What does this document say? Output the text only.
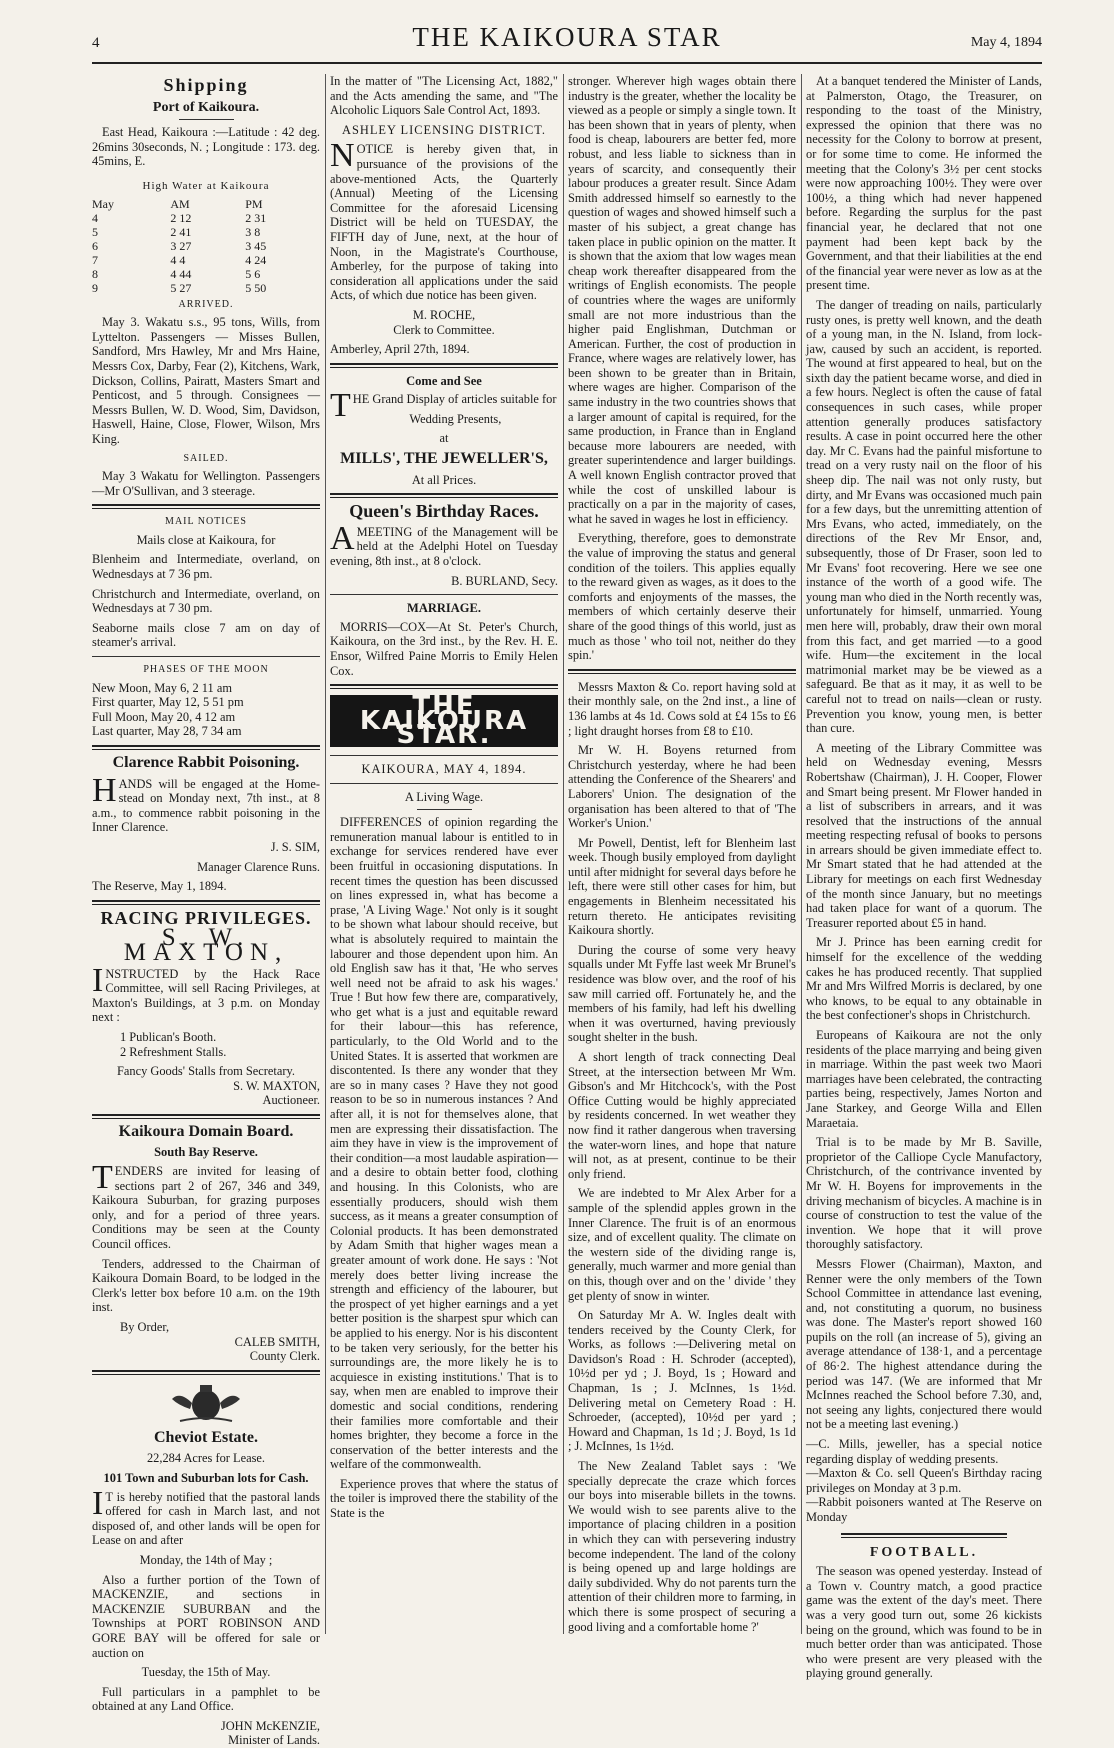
4	THE KAIKOURA STAR	May 4, 1894
Shipping

Port of Kaikoura.

East Head, Kaikoura :—Latitude : 42 deg. 26mins 30seconds, N. ; Longitude : 173. deg. 45mins, E.

High Water at Kaikoura

May	AM	PM
4	2 12	2 31
5	2 41	3 8
6	3 27	3 45
7	4 4	4 24
8	4 44	5 6
9	5 27	5 50

ARRIVED.

May 3. Wakatu s.s., 95 tons, Wills, from Lyttelton. Passengers — Misses Bullen, Sandford, Mrs Hawley, Mr and Mrs Haine, Messrs Cox, Darby, Fear (2), Kitchens, Wark, Dickson, Collins, Pairatt, Masters Smart and Penticost, and 5 through. Consignees — Messrs Bullen, W. D. Wood, Sim, Davidson, Haswell, Haine, Close, Flower, Wilson, Mrs King.

SAILED.

May 3 Wakatu for Wellington. Passengers—Mr O'Sullivan, and 3 steerage.

MAIL NOTICES

Mails close at Kaikoura, for

Blenheim and Intermediate, overland, on Wednesdays at 7 36 pm.

Christchurch and Intermediate, overland, on Wednesdays at 7 30 pm.

Seaborne mails close 7 am on day of steamer's arrival.

PHASES OF THE MOON

New Moon, May 6, 2 11 am

First quarter, May 12, 5 51 pm

Full Moon, May 20, 4 12 am

Last quarter, May 28, 7 34 am

Clarence Rabbit Poisoning.

HANDS will be engaged at the Home-stead on Monday next, 7th inst., at 8 a.m., to commence rabbit poisoning in the Inner Clarence.

J. S. SIM,

Manager Clarence Runs.

The Reserve, May 1, 1894.

RACING PRIVILEGES.

S. W. MAXTON,

INSTRUCTED by the Hack Race Committee, will sell Racing Privileges, at Maxton's Buildings, at 3 p.m. on Monday next :

1 Publican's Booth.

2 Refreshment Stalls.

Fancy Goods' Stalls from Secretary.

S. W. MAXTON,

Auctioneer.

Kaikoura Domain Board.

South Bay Reserve.

TENDERS are invited for leasing of sections part 2 of 267, 346 and 349, Kaikoura Suburban, for grazing purposes only, and for a period of three years. Conditions may be seen at the County Council offices.

Tenders, addressed to the Chairman of Kaikoura Domain Board, to be lodged in the Clerk's letter box before 10 a.m. on the 19th inst.

By Order,

CALEB SMITH,

County Clerk.

Cheviot Estate.

22,284 Acres for Lease.

101 Town and Suburban lots for Cash.

IT is hereby notified that the pastoral lands offered for cash in March last, and not disposed of, and other lands will be open for Lease on and after

Monday, the 14th of May ;

Also a further portion of the Town of MACKENZIE, and sections in MACKENZIE SUBURBAN and the Townships at PORT ROBINSON AND GORE BAY will be offered for sale or auction on

Tuesday, the 15th of May.

Full particulars in a pamphlet to be obtained at any Land Office.

JOHN McKENZIE,

Minister of Lands.

In the matter of "The Licensing Act, 1882," and the Acts amending the same, and "The Alcoholic Liquors Sale Control Act, 1893.

ASHLEY LICENSING DISTRICT.

NOTICE is hereby given that, in pursuance of the provisions of the above-mentioned Acts, the Quarterly (Annual) Meeting of the Licensing Committee for the aforesaid Licensing District will be held on TUESDAY, the FIFTH day of June, next, at the hour of Noon, in the Magistrate's Courthouse, Amberley, for the purpose of taking into consideration all applications under the said Acts, of which due notice has been given.

M. ROCHE,

Clerk to Committee.

Amberley, April 27th, 1894.

Come and See

THE Grand Display of articles suitable for

Wedding Presents,

at

MILLS', THE JEWELLER'S,

At all Prices.

Queen's Birthday Races.

AMEETING of the Management will be held at the Adelphi Hotel on Tuesday evening, 8th inst., at 8 o'clock.

B. BURLAND, Secy.

MARRIAGE.

MORRIS—COX—At St. Peter's Church, Kaikoura, on the 3rd inst., by the Rev. H. E. Ensor, Wilfred Paine Morris to Emily Helen Cox.

THE KAIKOURA STAR.

KAIKOURA, MAY 4, 1894.

A Living Wage.

DIFFERENCES of opinion regarding the remuneration manual labour is entitled to in exchange for services rendered have ever been fruitful in occasioning disputations. In recent times the question has been discussed on lines expressed in, what has become a prase, 'A Living Wage.' Not only is it sought to be shown what labour should receive, but what is absolutely required to maintain the labourer and those dependent upon him. An old English saw has it that, 'He who serves well need not be afraid to ask his wages.' True ! But how few there are, comparatively, who get what is a just and equitable reward for their labour—this has reference, particularly, to the Old World and to the United States. It is asserted that workmen are discontented. Is there any wonder that they are so in many cases ? Have they not good reason to be so in numerous instances ? And after all, it is not for themselves alone, that men are expressing their dissatisfaction. The aim they have in view is the improvement of their condition—a most laudable aspiration—and a desire to obtain better food, clothing and housing. In this Colonists, who are essentially producers, should wish them success, as it means a greater consumption of Colonial products. It has been demonstrated by Adam Smith that higher wages mean a greater amount of work done. He says : 'Not merely does better living increase the strength and efficiency of the labourer, but the prospect of yet higher earnings and a yet better position is the sharpest spur which can be applied to his energy. Nor is his discontent to be taken very seriously, for the better his surroundings are, the more likely he is to acquiesce in existing institutions.' That is to say, when men are enabled to improve their domestic and social conditions, rendering their families more comfortable and their homes brighter, they become a force in the conservation of the better interests and the welfare of the commonwealth.

Experience proves that where the status of the toiler is improved there the stability of the State is the

stronger. Wherever high wages obtain there industry is the greater, whether the locality be viewed as a people or simply a single town. It has been shown that in years of plenty, when food is cheap, labourers are better fed, more robust, and less liable to sickness than in years of scarcity, and consequently their labour produces a greater result. Since Adam Smith addressed himself so earnestly to the question of wages and showed himself such a master of his subject, a great change has taken place in public opinion on the matter. It is shown that the axiom that low wages mean cheap work thereafter disappeared from the writings of English economists. The people of countries where the wages are uniformly small are not more industrious than the higher paid Englishman, Dutchman or American. Further, the cost of production in France, where wages are relatively lower, has been shown to be greater than in Britain, where wages are higher. Comparison of the same industry in the two countries shows that a larger amount of capital is required, for the same production, in France than in England because more labourers are needed, with greater superintendence and larger buildings. A well known English contractor proved that while the cost of unskilled labour is practically on a par in the majority of cases, what he saved in wages he lost in efficiency.

Everything, therefore, goes to demonstrate the value of improving the status and general condition of the toilers. This applies equally to the reward given as wages, as it does to the comforts and enjoyments of the masses, the members of which certainly deserve their share of the good things of this world, just as much as those ' who toil not, neither do they spin.'

Messrs Maxton & Co. report having sold at their monthly sale, on the 2nd inst., a line of 136 lambs at 4s 1d. Cows sold at £4 15s to £6 ; light draught horses from £8 to £10.

Mr W. H. Boyens returned from Christchurch yesterday, where he had been attending the Conference of the Shearers' and Laborers' Union. The designation of the organisation has been altered to that of 'The Worker's Union.'

Mr Powell, Dentist, left for Blenheim last week. Though busily employed from daylight until after midnight for several days before he left, there were still other cases for him, but engagements in Blenheim necessitated his return thereto. He anticipates revisiting Kaikoura shortly.

During the course of some very heavy squalls under Mt Fyffe last week Mr Brunel's residence was blow over, and the roof of his saw mill carried off. Fortunately he, and the members of his family, had left his dwelling when it was overturned, having previously sought shelter in the bush.

A short length of track connecting Deal Street, at the intersection between Mr Wm. Gibson's and Mr Hitchcock's, with the Post Office Cutting would be highly appreciated by residents concerned. In wet weather they now find it rather dangerous when traversing the water-worn lines, and hope that nature will not, as at present, continue to be their only friend.

We are indebted to Mr Alex Arber for a sample of the splendid apples grown in the Inner Clarence. The fruit is of an enormous size, and of excellent quality. The climate on the western side of the dividing range is, generally, much warmer and more genial than on this, though over and on the ' divide ' they get plenty of snow in winter.

On Saturday Mr A. W. Ingles dealt with tenders received by the County Clerk, for Works, as follows :—Delivering metal on Davidson's Road : H. Schroder (accepted), 10½d per yd ; J. Boyd, 1s ; Howard and Chapman, 1s ; J. McInnes, 1s 1½d. Delivering metal on Cemetery Road : H. Schroeder, (accepted), 10½d per yard ; Howard and Chapman, 1s 1d ; J. Boyd, 1s 1d ; J. McInnes, 1s 1½d.

The New Zealand Tablet says : 'We specially deprecate the craze which forces our boys into miserable billets in the towns. We would wish to see parents alive to the importance of placing children in a position in which they can with persevering industry become independent. The land of the colony is being opened up and large holdings are daily subdivided. Why do not parents turn the attention of their children more to farming, in which there is some prospect of securing a good living and a comfortable home ?'

At a banquet tendered the Minister of Lands, at Palmerston, Otago, the Treasurer, on responding to the toast of the Ministry, expressed the opinion that there was no necessity for the Colony to borrow at present, or for some time to come. He informed the meeting that the Colony's 3½ per cent stocks were now approaching 100½. They were over 100½, a thing which had never happened before. Regarding the surplus for the past financial year, he declared that not one payment had been kept back by the Government, and that their liabilities at the end of the financial year were never as low as at the present time.

The danger of treading on nails, particularly rusty ones, is pretty well known, and the death of a young man, in the N. Island, from lock-jaw, caused by such an accident, is reported. The wound at first appeared to heal, but on the sixth day the patient became worse, and died in a few hours. Neglect is often the cause of fatal consequences in such cases, while proper attention generally produces satisfactory results. A case in point occurred here the other day. Mr C. Evans had the painful misfortune to tread on a very rusty nail on the floor of his sheep dip. The nail was not only rusty, but dirty, and Mr Evans was occasioned much pain for a few days, but the unremitting attention of Mrs Evans, who acted, immediately, on the directions of the Rev Mr Ensor, and, subsequently, those of Dr Fraser, soon led to Mr Evans' foot recovering. Here we see one instance of the worth of a good wife. The young man who died in the North recently was, unfortunately for himself, unmarried. Young men here will, probably, draw their own moral from this fact, and get married —to a good wife. Hum—the excitement in the local matrimonial market may be be viewed as a safeguard. Be that as it may, it as well to be careful not to tread on nails—clean or rusty. Prevention you know, young men, is better than cure.

A meeting of the Library Committee was held on Wednesday evening, Messrs Robertshaw (Chairman), J. H. Cooper, Flower and Smart being present. Mr Flower handed in a list of subscribers in arrears, and it was resolved that the instructions of the annual meeting respecting refusal of books to persons in arrears should be given immediate effect to. Mr Smart stated that he had attended at the Library for meetings on each first Wednesday of the month since January, but no meetings had taken place for want of a quorum. The Treasurer reported about £5 in hand.

Mr J. Prince has been earning credit for himself for the excellence of the wedding cakes he has produced recently. That supplied Mr and Mrs Wilfred Morris is declared, by one who knows, to be equal to any obtainable in the best confectioner's shops in Christchurch.

Europeans of Kaikoura are not the only residents of the place marrying and being given in marriage. Within the past week two Maori marriages have been celebrated, the contracting parties being, respectively, James Norton and Jane Starkey, and George Willa and Ellen Maraetaia.

Trial is to be made by Mr B. Saville, proprietor of the Calliope Cycle Manufactory, Christchurch, of the contrivance invented by Mr W. H. Boyens for improvements in the driving mechanism of bicycles. A machine is in course of construction to test the value of the invention. We hope that it will prove thoroughly satisfactory.

Messrs Flower (Chairman), Maxton, and Renner were the only members of the Town School Committee in attendance last evening, and, not constituting a quorum, no business was done. The Master's report showed 160 pupils on the roll (an increase of 5), giving an average attendance of 138·1, and a percentage of 86·2. The highest attendance during the period was 147. (We are informed that Mr McInnes reached the School before 7.30, and, not seeing any lights, conjectured there would not be a meeting last evening.)

—C. Mills, jeweller, has a special notice regarding display of wedding presents.

—Maxton & Co. sell Queen's Birthday racing privileges on Monday at 3 p.m.

—Rabbit poisoners wanted at The Reserve on Monday

FOOTBALL.

The season was opened yesterday. Instead of a Town v. Country match, a good practice game was the extent of the day's meet. There was a very good turn out, some 26 kickists being on the ground, which was found to be in much better order than was anticipated. Those who were present are very pleased with the playing ground generally.
